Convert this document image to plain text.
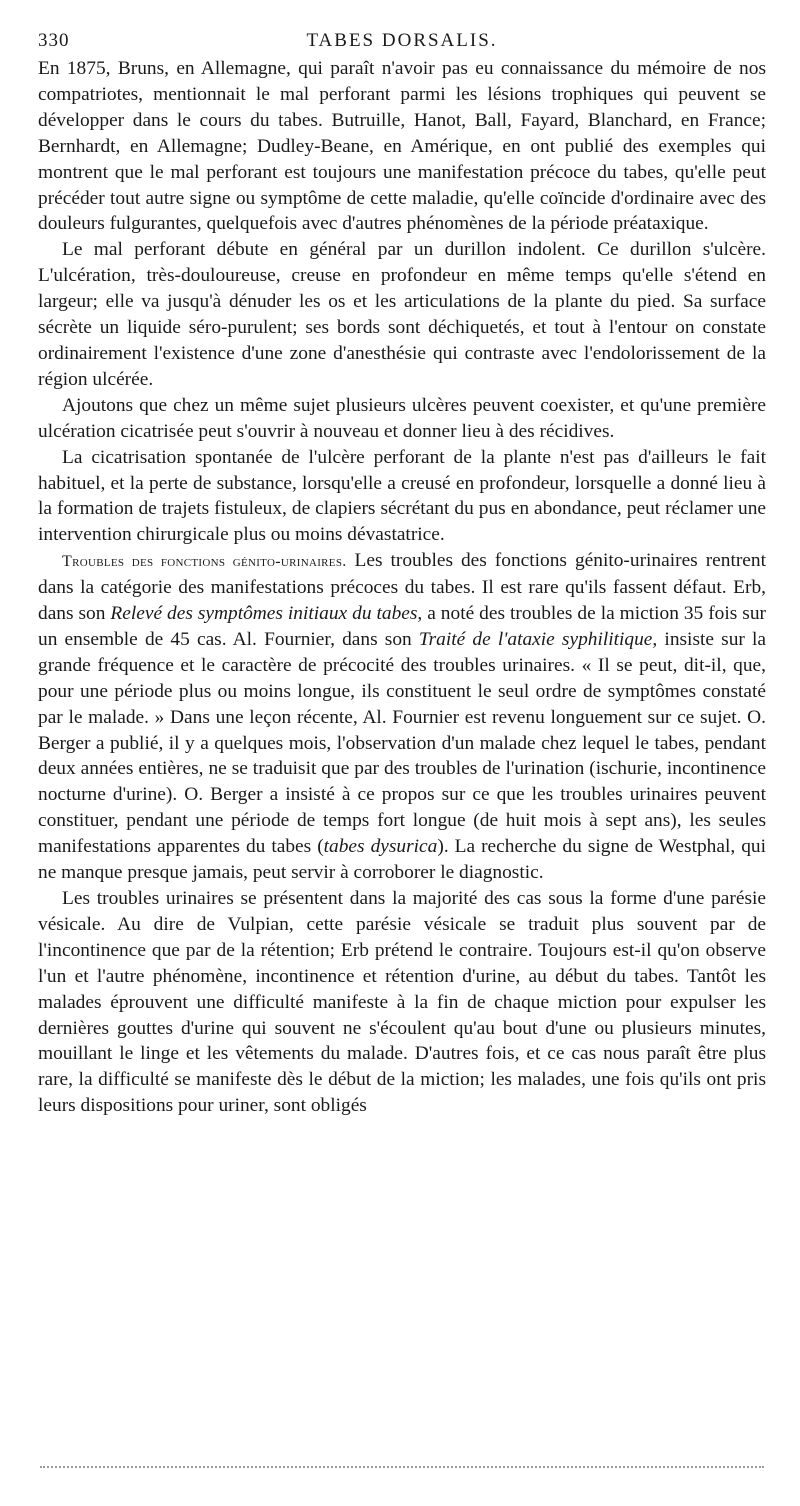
330	TABES DORSALIS.

En 1875, Bruns, en Allemagne, qui paraît n'avoir pas eu connaissance du mémoire de nos compatriotes, mentionnait le mal perforant parmi les lésions trophiques qui peuvent se développer dans le cours du tabes. Butruille, Hanot, Ball, Fayard, Blanchard, en France; Bernhardt, en Allemagne; Dudley-Beane, en Amérique, en ont publié des exemples qui montrent que le mal perforant est toujours une manifestation précoce du tabes, qu'elle peut précéder tout autre signe ou symptôme de cette maladie, qu'elle coïncide d'ordinaire avec des douleurs fulgurantes, quelquefois avec d'autres phénomènes de la période préataxique.

Le mal perforant débute en général par un durillon indolent. Ce durillon s'ulcère. L'ulcération, très-douloureuse, creuse en profondeur en même temps qu'elle s'étend en largeur; elle va jusqu'à dénuder les os et les articulations de la plante du pied. Sa surface sécrète un liquide séro-purulent; ses bords sont déchiquetés, et tout à l'entour on constate ordinairement l'existence d'une zone d'anesthésie qui contraste avec l'endolorissement de la région ulcérée.

Ajoutons que chez un même sujet plusieurs ulcères peuvent coexister, et qu'une première ulcération cicatrisée peut s'ouvrir à nouveau et donner lieu à des récidives.

La cicatrisation spontanée de l'ulcère perforant de la plante n'est pas d'ailleurs le fait habituel, et la perte de substance, lorsqu'elle a creusé en profondeur, lorsquelle a donné lieu à la formation de trajets fistuleux, de clapiers sécrétant du pus en abondance, peut réclamer une intervention chirurgicale plus ou moins dévastatrice.

Troubles des fonctions génito-urinaires. Les troubles des fonctions génito-urinaires rentrent dans la catégorie des manifestations précoces du tabes. Il est rare qu'ils fassent défaut. Erb, dans son Relevé des symptômes initiaux du tabes, a noté des troubles de la miction 35 fois sur un ensemble de 45 cas. Al. Fournier, dans son Traité de l'ataxie syphilitique, insiste sur la grande fréquence et le caractère de précocité des troubles urinaires. « Il se peut, dit-il, que, pour une période plus ou moins longue, ils constituent le seul ordre de symptômes constaté par le malade. » Dans une leçon récente, Al. Fournier est revenu longuement sur ce sujet. O. Berger a publié, il y a quelques mois, l'observation d'un malade chez lequel le tabes, pendant deux années entières, ne se traduisit que par des troubles de l'urination (ischurie, incontinence nocturne d'urine). O. Berger a insisté à ce propos sur ce que les troubles urinaires peuvent constituer, pendant une période de temps fort longue (de huit mois à sept ans), les seules manifestations apparentes du tabes (tabes dysurica). La recherche du signe de Westphal, qui ne manque presque jamais, peut servir à corroborer le diagnostic.

Les troubles urinaires se présentent dans la majorité des cas sous la forme d'une parésie vésicale. Au dire de Vulpian, cette parésie vésicale se traduit plus souvent par de l'incontinence que par de la rétention; Erb prétend le contraire. Toujours est-il qu'on observe l'un et l'autre phénomène, incontinence et rétention d'urine, au début du tabes. Tantôt les malades éprouvent une difficulté manifeste à la fin de chaque miction pour expulser les dernières gouttes d'urine qui souvent ne s'écoulent qu'au bout d'une ou plusieurs minutes, mouillant le linge et les vêtements du malade. D'autres fois, et ce cas nous paraît être plus rare, la difficulté se manifeste dès le début de la miction; les malades, une fois qu'ils ont pris leurs dispositions pour uriner, sont obligés
